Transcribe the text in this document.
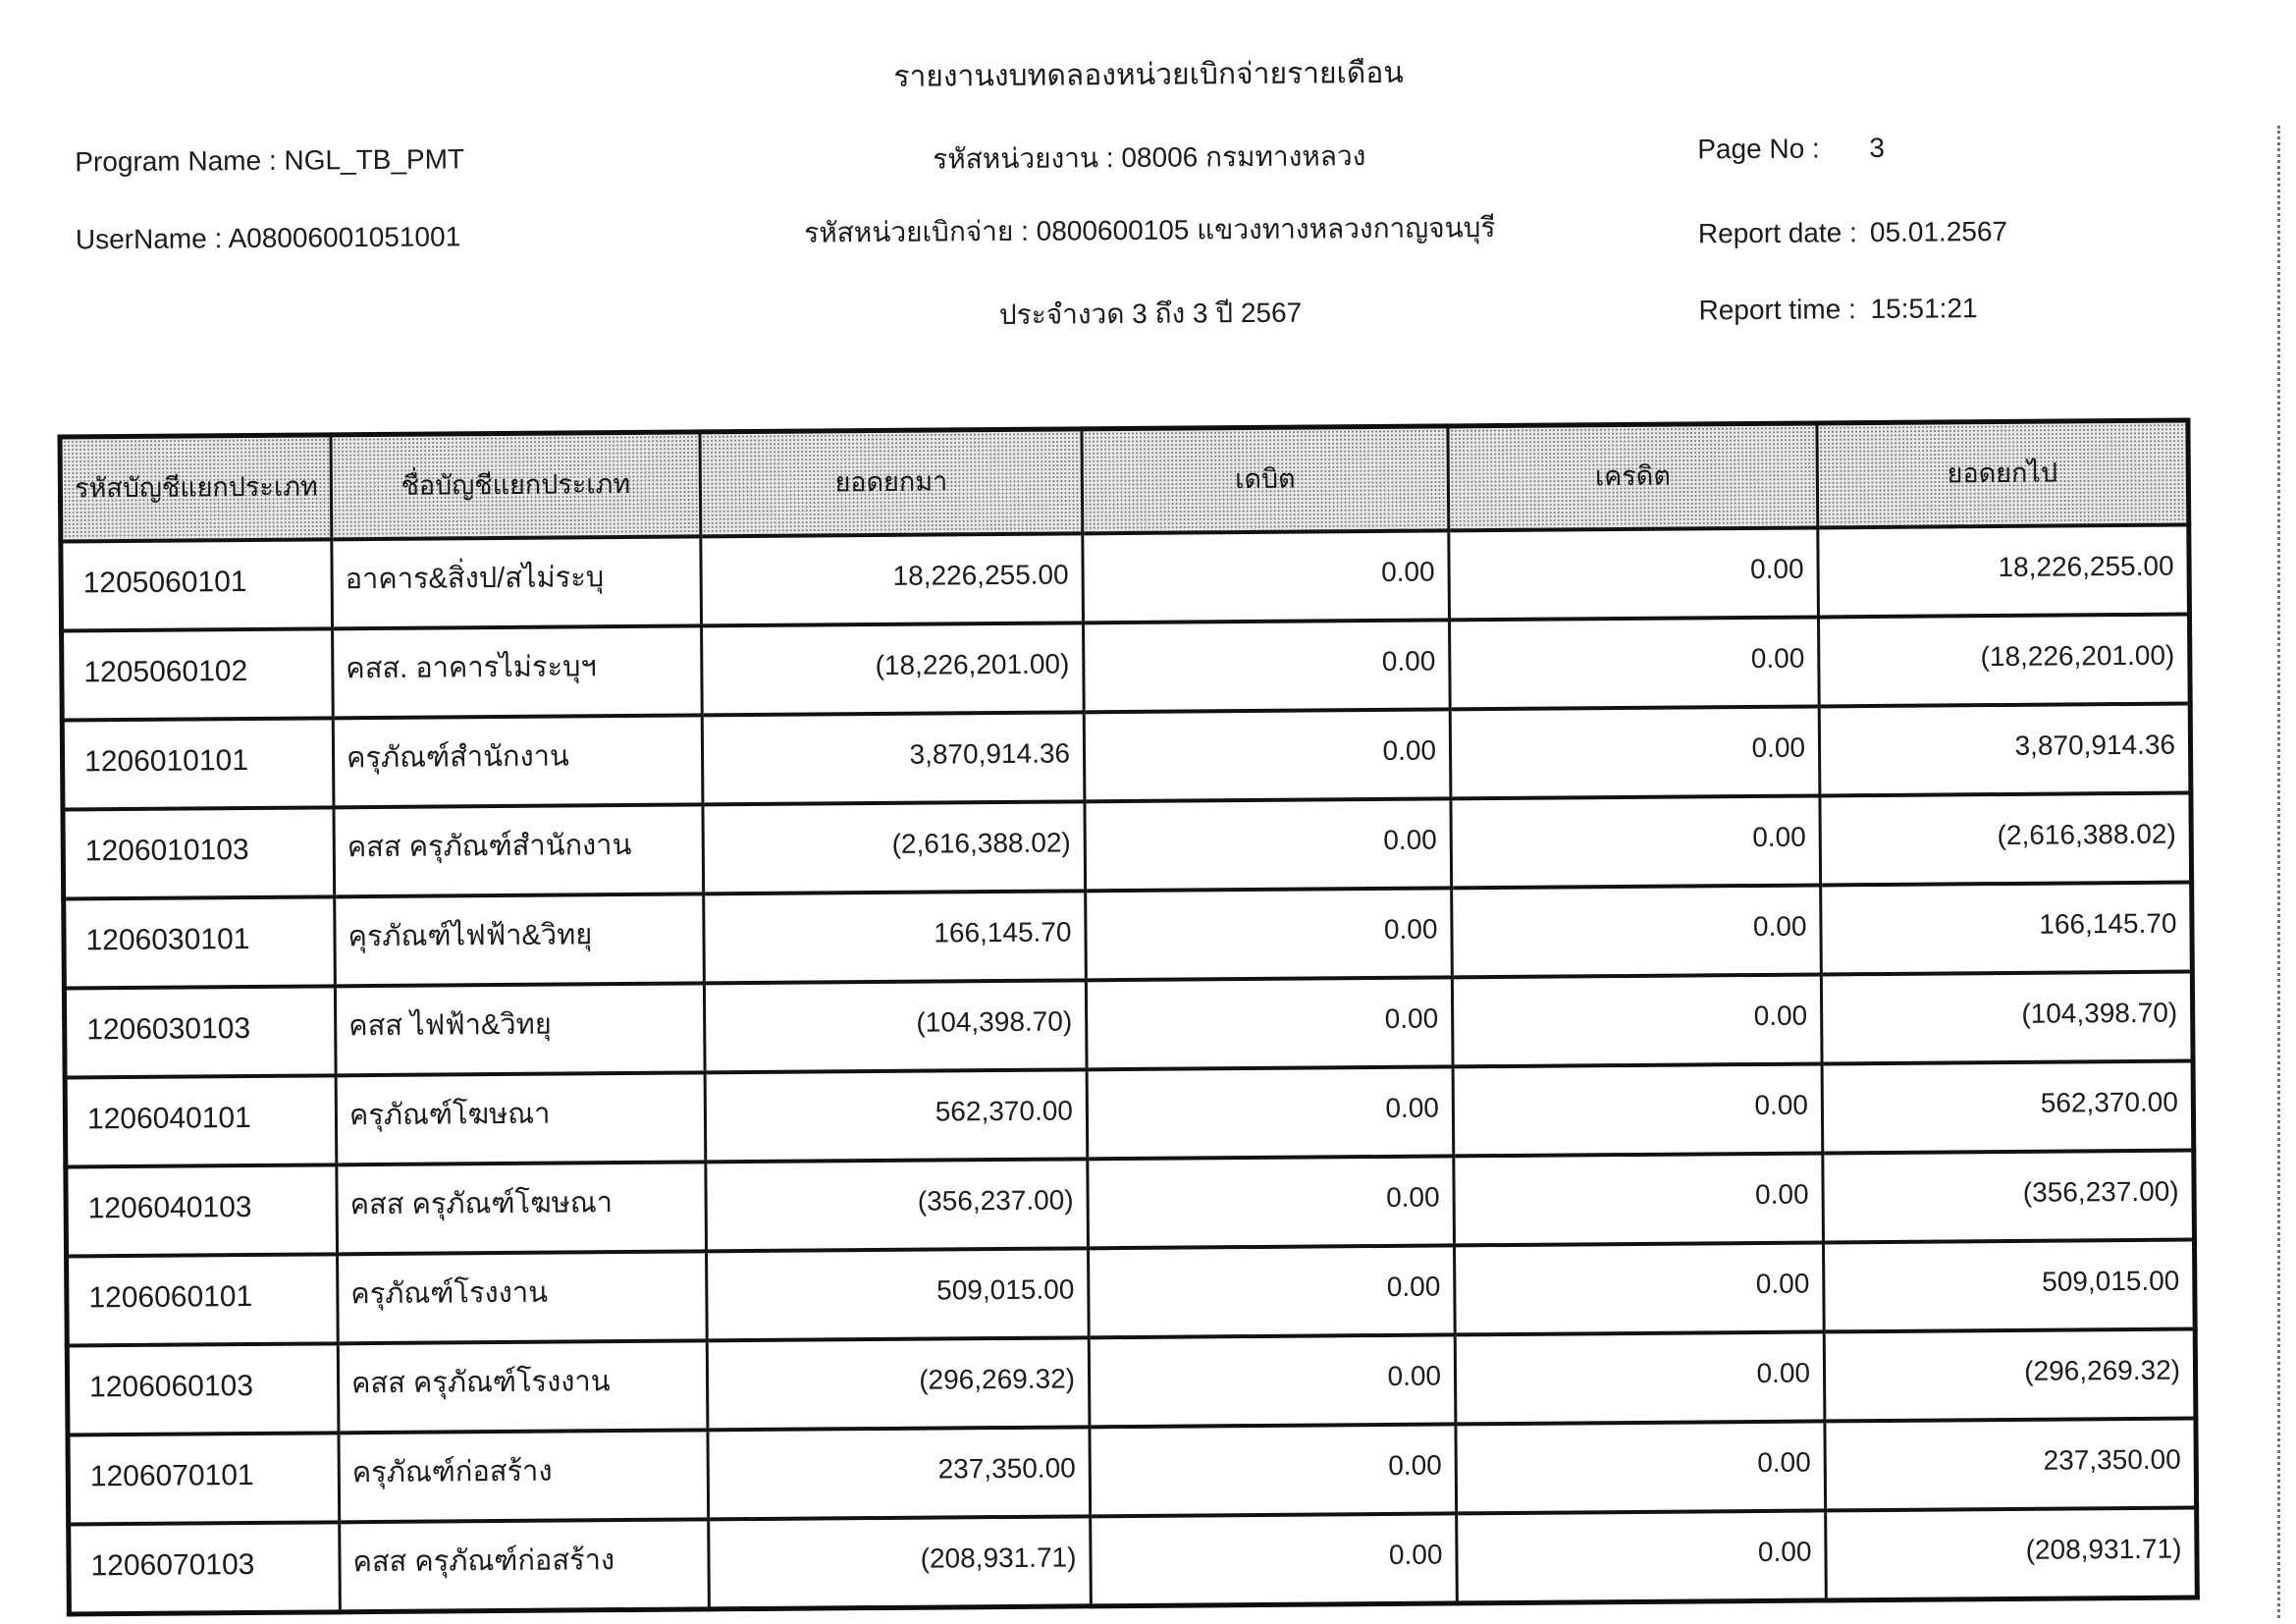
รายงานงบทดลองหน่วยเบิกจ่ายรายเดือน
รหัสหน่วยงาน : 08006 กรมทางหลวง
รหัสหน่วยเบิกจ่าย : 0800600105 แขวงทางหลวงกาญจนบุรี
ประจำงวด 3 ถึง 3 ปี 2567
Program Name : NGL_TB_PMT
UserName : A08006001051001
Page No : 3
Report date : 05.01.2567
Report time : 15:51:21
รหัสบัญชีแยกประเภท	ชื่อบัญชีแยกประเภท	ยอดยกมา	เดบิต	เครดิต	ยอดยกไป
1205060101	อาคาร&สิ่งป/สไม่ระบุ	18,226,255.00	0.00	0.00	18,226,255.00
1205060102	คสส. อาคารไม่ระบุฯ	(18,226,201.00)	0.00	0.00	(18,226,201.00)
1206010101	ครุภัณฑ์สำนักงาน	3,870,914.36	0.00	0.00	3,870,914.36
1206010103	คสส ครุภัณฑ์สำนักงาน	(2,616,388.02)	0.00	0.00	(2,616,388.02)
1206030101	คุรภัณฑ์ไฟฟ้า&วิทยุ	166,145.70	0.00	0.00	166,145.70
1206030103	คสส ไฟฟ้า&วิทยุ	(104,398.70)	0.00	0.00	(104,398.70)
1206040101	ครุภัณฑ์โฆษณา	562,370.00	0.00	0.00	562,370.00
1206040103	คสส ครุภัณฑ์โฆษณา	(356,237.00)	0.00	0.00	(356,237.00)
1206060101	ครุภัณฑ์โรงงาน	509,015.00	0.00	0.00	509,015.00
1206060103	คสส ครุภัณฑ์โรงงาน	(296,269.32)	0.00	0.00	(296,269.32)
1206070101	ครุภัณฑ์ก่อสร้าง	237,350.00	0.00	0.00	237,350.00
1206070103	คสส ครุภัณฑ์ก่อสร้าง	(208,931.71)	0.00	0.00	(208,931.71)
